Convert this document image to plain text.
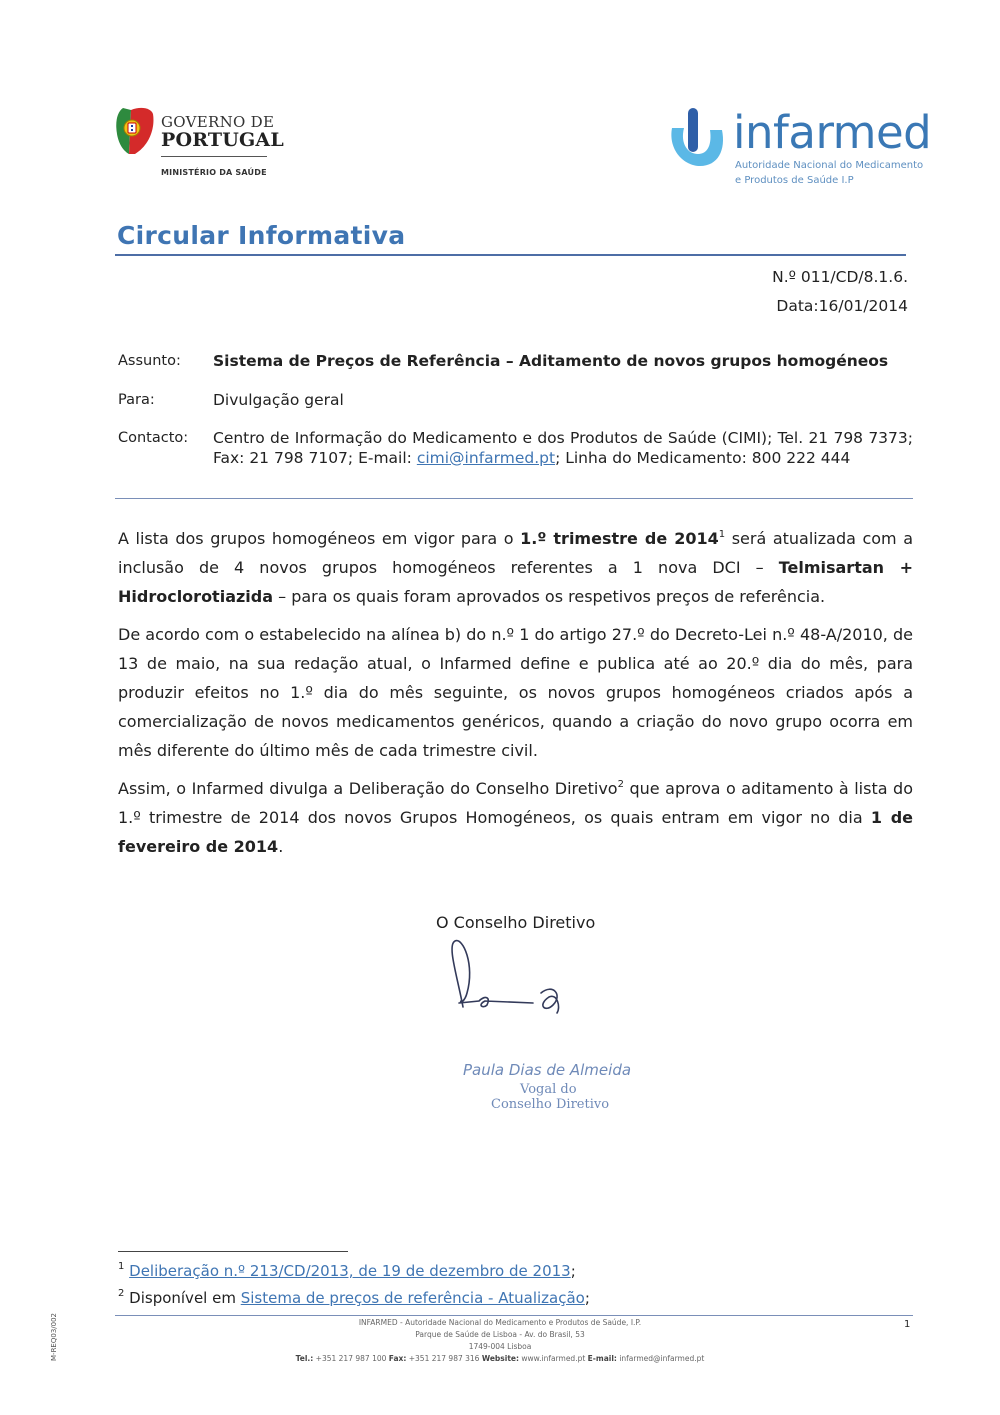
GOVERNO DE
PORTUGAL
MINISTÉRIO DA SAÚDE
infarmed
Autoridade Nacional do Medicamento
e Produtos de Saúde I.P
Circular Informativa
N.º 011/CD/8.1.6.
Data:16/01/2014
Assunto: Sistema de Preços de Referência – Aditamento de novos grupos homogéneos
Para:	Divulgação geral
Contacto: Centro de Informação do Medicamento e dos Produtos de Saúde (CIMI); Tel. 21 798 7373; Fax: 21 798 7107; E-mail: cimi@infarmed.pt; Linha do Medicamento: 800 222 444
A lista dos grupos homogéneos em vigor para o 1.º trimestre de 2014$^1$ será atualizada com a inclusão de 4 novos grupos homogéneos referentes a 1 nova DCI – Telmisartan + Hidroclorotiazida – para os quais foram aprovados os respetivos preços de referência.
De acordo com o estabelecido na alínea b) do n.º 1 do artigo 27.º do Decreto-Lei n.º 48-A/2010, de 13 de maio, na sua redação atual, o Infarmed define e publica até ao 20.º dia do mês, para produzir efeitos no 1.º dia do mês seguinte, os novos grupos homogéneos criados após a comercialização de novos medicamentos genéricos, quando a criação do novo grupo ocorra em mês diferente do último mês de cada trimestre civil.
Assim, o Infarmed divulga a Deliberação do Conselho Diretivo$^2$ que aprova o aditamento à lista do 1.º trimestre de 2014 dos novos Grupos Homogéneos, os quais entram em vigor no dia 1 de fevereiro de 2014.
O Conselho Diretivo
Paula Dias de Almeida
Vogal do
Conselho Diretivo
$^1$ Deliberação n.º 213/CD/2013, de 19 de dezembro de 2013;
$^2$ Disponível em Sistema de preços de referência - Atualização;
INFARMED - Autoridade Nacional do Medicamento e Produtos de Saúde, I.P.
Parque de Saúde de Lisboa - Av. do Brasil, 53
1749-004 Lisboa
Tel.: +351 217 987 100 Fax: +351 217 987 316 Website: www.infarmed.pt E-mail: infarmed@infarmed.pt
1
M-REQ03/002
